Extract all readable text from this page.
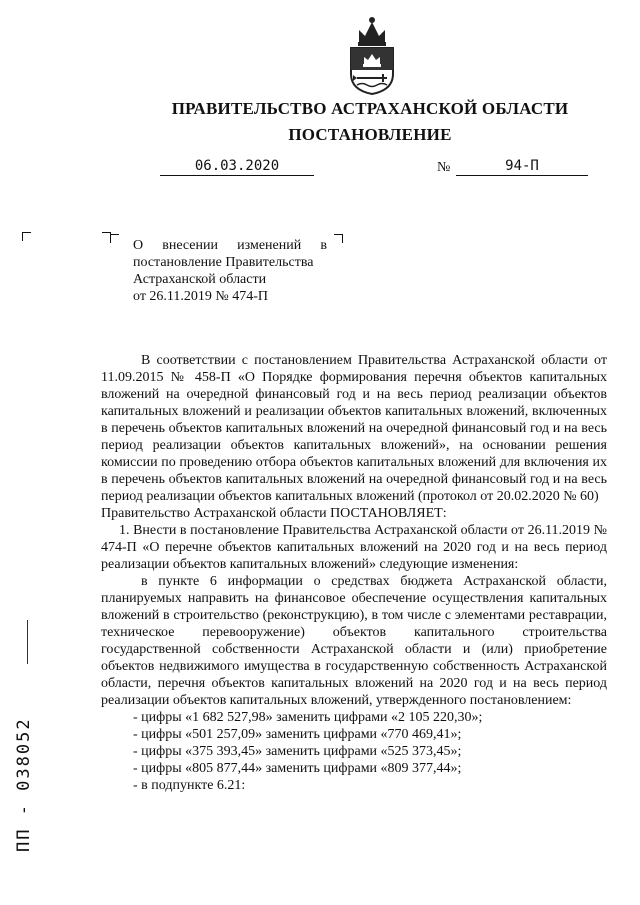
ПРАВИТЕЛЬСТВО АСТРАХАНСКОЙ ОБЛАСТИ
ПОСТАНОВЛЕНИЕ
06.03.2020	№	94-П
О внесении изменений в
постановление Правительства
Астраханской области
от 26.11.2019 № 474-П

В соответствии с постановлением Правительства Астраханской области от 11.09.2015 № 458-П «О Порядке формирования перечня объектов капитальных вложений на очередной финансовый год и на весь период реализации объектов капитальных вложений и реализации объектов капитальных вложений, включенных в перечень объектов капитальных вложений на очередной финансовый год и на весь период реализации объектов капитальных вложений», на основании решения комиссии по проведению отбора объектов капитальных вложений для включения их в перечень объектов капитальных вложений на очередной финансовый год и на весь период реализации объектов капитальных вложений (протокол от 20.02.2020 № 60)

Правительство Астраханской области ПОСТАНОВЛЯЕТ:

1. Внести в постановление Правительства Астраханской области от 26.11.2019 № 474-П «О перечне объектов капитальных вложений на 2020 год и на весь период реализации объектов капитальных вложений» следующие изменения:

в пункте 6 информации о средствах бюджета Астраханской области, планируемых направить на финансовое обеспечение осуществления капитальных вложений в строительство (реконструкцию), в том числе с элементами реставрации, техническое перевооружение) объектов капитального строительства государственной собственности Астраханской области и (или) приобретение объектов недвижимого имущества в государственную собственность Астраханской области, перечня объектов капитальных вложений на 2020 год и на весь период реализации объектов капитальных вложений, утвержденного постановлением:

- цифры «1 682 527,98» заменить цифрами «2 105 220,30»;

- цифры «501 257,09» заменить цифрами «770 469,41»;

- цифры «375 393,45» заменить цифрами «525 373,45»;

- цифры «805 877,44» заменить цифрами «809 377,44»;

- в подпункте 6.21:

ПП - 038052
